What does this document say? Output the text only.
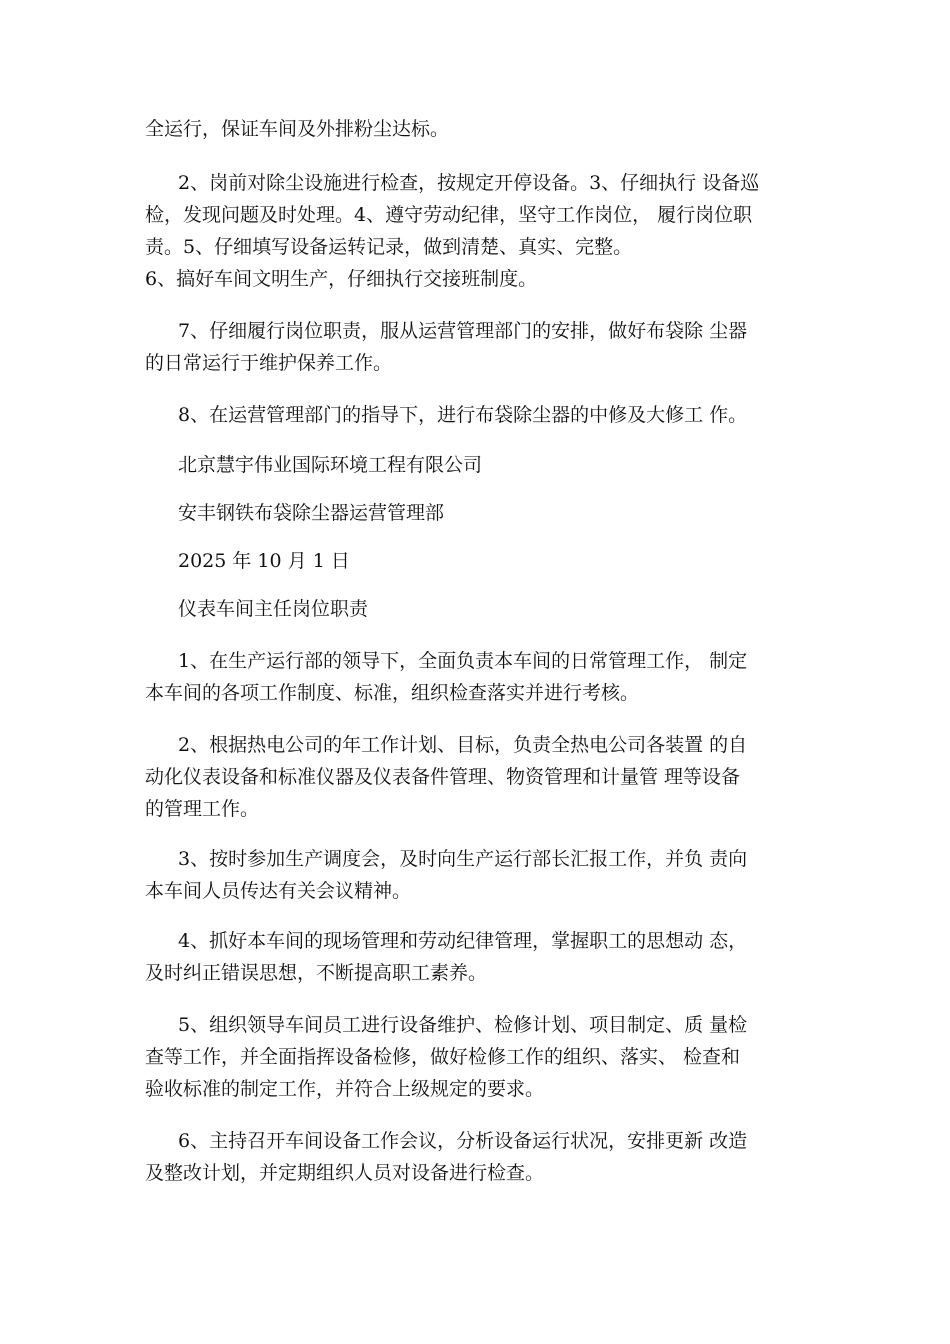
全运行，保证车间及外排粉尘达标。
2、岗前对除尘设施进行检查，按规定开停设备。3、仔细执行 设备巡
检，发现问题及时处理。4、遵守劳动纪律，坚守工作岗位， 履行岗位职
责。5、仔细填写设备运转记录，做到清楚、真实、完整。
6、搞好车间文明生产，仔细执行交接班制度。
7、仔细履行岗位职责，服从运营管理部门的安排，做好布袋除 尘器
的日常运行于维护保养工作。
8、在运营管理部门的指导下，进行布袋除尘器的中修及大修工 作。
北京慧宇伟业国际环境工程有限公司
安丰钢铁布袋除尘器运营管理部
2025 年 10 月 1 日
仪表车间主任岗位职责
1、在生产运行部的领导下，全面负责本车间的日常管理工作， 制定
本车间的各项工作制度、标准，组织检查落实并进行考核。
2、根据热电公司的年工作计划、目标，负责全热电公司各装置 的自
动化仪表设备和标准仪器及仪表备件管理、物资管理和计量管 理等设备
的管理工作。
3、按时参加生产调度会，及时向生产运行部长汇报工作，并负 责向
本车间人员传达有关会议精神。
4、抓好本车间的现场管理和劳动纪律管理，掌握职工的思想动 态，
及时纠正错误思想，不断提高职工素养。
5、组织领导车间员工进行设备维护、检修计划、项目制定、质 量检
查等工作，并全面指挥设备检修，做好检修工作的组织、落实、 检查和
验收标准的制定工作，并符合上级规定的要求。
6、主持召开车间设备工作会议，分析设备运行状况，安排更新 改造
及整改计划，并定期组织人员对设备进行检查。
